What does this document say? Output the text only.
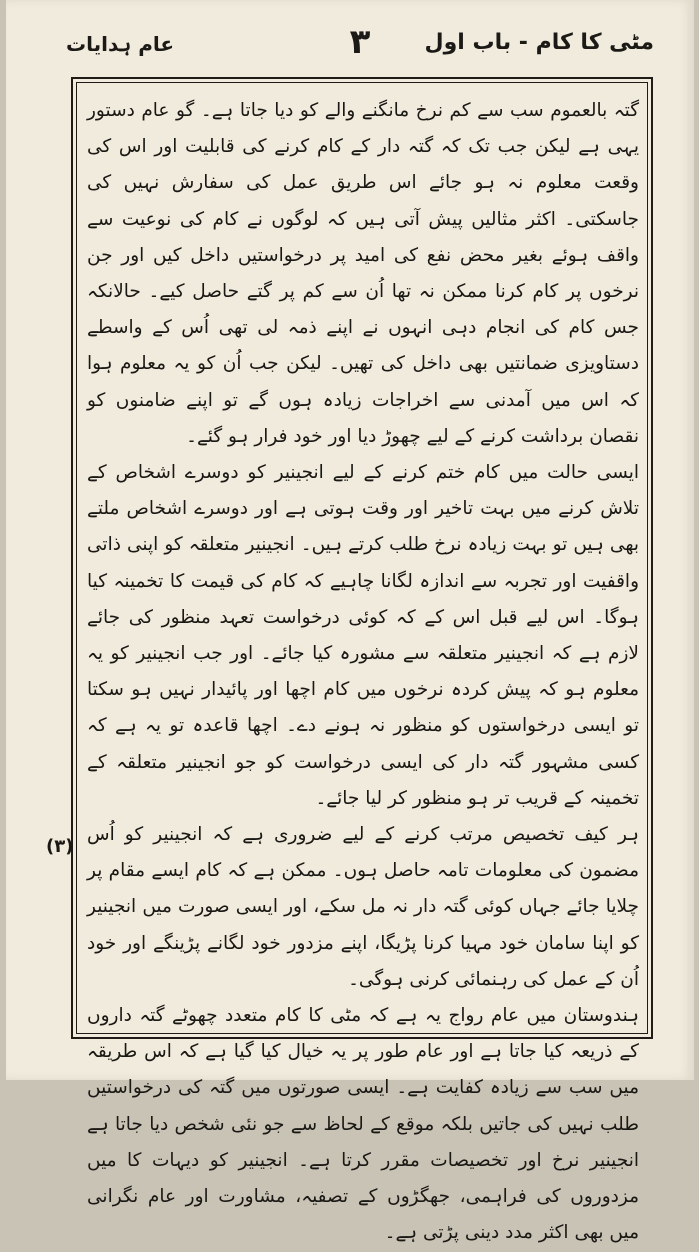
مٹی کا کام - باب اول
۳
عام ہدایات

گتہ بالعموم سب سے کم نرخ مانگنے والے کو دیا جاتا ہے۔ گو عام دستور یہی ہے لیکن جب تک کہ گتہ دار کے کام کرنے کی قابلیت اور اس کی وقعت معلوم نہ ہو جائے اس طریق عمل کی سفارش نہیں کی جاسکتی۔ اکثر مثالیں پیش آتی ہیں کہ لوگوں نے کام کی نوعیت سے واقف ہوئے بغیر محض نفع کی امید پر درخواستیں داخل کیں اور جن نرخوں پر کام کرنا ممکن نہ تھا اُن سے کم پر گتے حاصل کیے۔ حالانکہ جس کام کی انجام دہی انہوں نے اپنے ذمہ لی تھی اُس کے واسطے دستاویزی ضمانتیں بھی داخل کی تھیں۔ لیکن جب اُن کو یہ معلوم ہوا کہ اس میں آمدنی سے اخراجات زیادہ ہوں گے تو اپنے ضامنوں کو نقصان برداشت کرنے کے لیے چھوڑ دیا اور خود فرار ہو گئے۔

ایسی حالت میں کام ختم کرنے کے لیے انجینیر کو دوسرے اشخاص کے تلاش کرنے میں بہت تاخیر اور وقت ہوتی ہے اور دوسرے اشخاص ملتے بھی ہیں تو بہت زیادہ نرخ طلب کرتے ہیں۔ انجینیر متعلقہ کو اپنی ذاتی واقفیت اور تجربہ سے اندازہ لگانا چاہیے کہ کام کی قیمت کا تخمینہ کیا ہوگا۔ اس لیے قبل اس کے کہ کوئی درخواست تعہد منظور کی جائے لازم ہے کہ انجینیر متعلقہ سے مشورہ کیا جائے۔ اور جب انجینیر کو یہ معلوم ہو کہ پیش کردہ نرخوں میں کام اچھا اور پائیدار نہیں ہو سکتا تو ایسی درخواستوں کو منظور نہ ہونے دے۔ اچھا قاعدہ تو یہ ہے کہ کسی مشہور گتہ دار کی ایسی درخواست کو جو انجینیر متعلقہ کے تخمینہ کے قریب تر ہو منظور کر لیا جائے۔

ہر کیف تخصیص مرتب کرنے کے لیے ضروری ہے کہ انجینیر کو اُس مضمون کی معلومات تامہ حاصل ہوں۔ ممکن ہے کہ کام ایسے مقام پر چلایا جائے جہاں کوئی گتہ دار نہ مل سکے، اور ایسی صورت میں انجینیر کو اپنا سامان خود مہیا کرنا پڑیگا، اپنے مزدور خود لگانے پڑینگے اور خود اُن کے عمل کی رہنمائی کرنی ہوگی۔

ہندوستان میں عام رواج یہ ہے کہ مٹی کا کام متعدد چھوٹے گتہ داروں کے ذریعہ کیا جاتا ہے اور عام طور پر یہ خیال کیا گیا ہے کہ اس طریقہ میں سب سے زیادہ کفایت ہے۔ ایسی صورتوں میں گتہ کی درخواستیں طلب نہیں کی جاتیں بلکہ موقع کے لحاظ سے جو نئی شخص دیا جاتا ہے انجینیر نرخ اور تخصیصات مقرر کرتا ہے۔ انجینیر کو دیہات کا میں مزدوروں کی فراہمی، جھگڑوں کے تصفیہ، مشاورت اور عام نگرانی میں بھی اکثر مدد دینی پڑتی ہے۔

(۳)
